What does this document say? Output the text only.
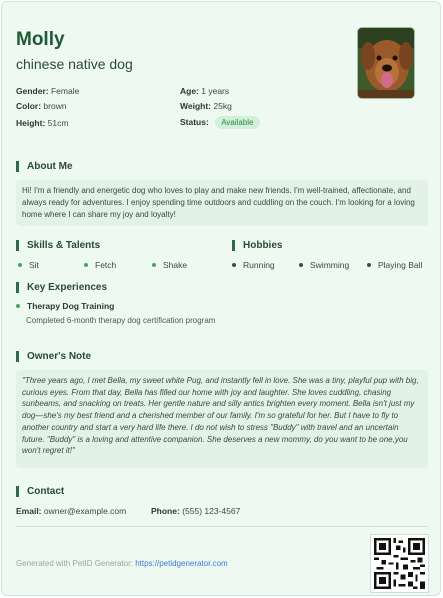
Molly
chinese native dog
Gender: Female	Age: 1 years
Color: brown	Weight: 25kg
Height: 51cm	Status: Available
About Me
Hi! I'm a friendly and energetic dog who loves to play and make new friends. I'm well-trained, affectionate, and always ready for adventures. I enjoy spending time outdoors and cuddling on the couch. I'm looking for a loving home where I can share my joy and loyalty!
Skills & Talents
Sit	Fetch	Shake
Hobbies
Running	Swimming	Playing Ball
Key Experiences
Therapy Dog Training
Completed 6-month therapy dog certification program
Owner's Note
"Three years ago, I met Bella, my sweet white Pug, and instantly fell in love. She was a tiny, playful pup with big, curious eyes. From that day, Bella has filled our home with joy and laughter. She loves cuddling, chasing sunbeams, and snacking on treats. Her gentle nature and silly antics brighten every moment. Bella isn't just my dog—she's my best friend and a cherished member of our family. I'm so grateful for her. But I have to fly to another country and start a very hard life there. I do not wish to stress "Buddy" with travel and an uncertain future. "Buddy" is a loving and attentive companion. She deserves a new mommy, do you want to be one,you won't regret it!"
Contact
Email: owner@example.com	Phone: (555) 123-4567
Generated with PetID Generator: https://petidgenerator.com
